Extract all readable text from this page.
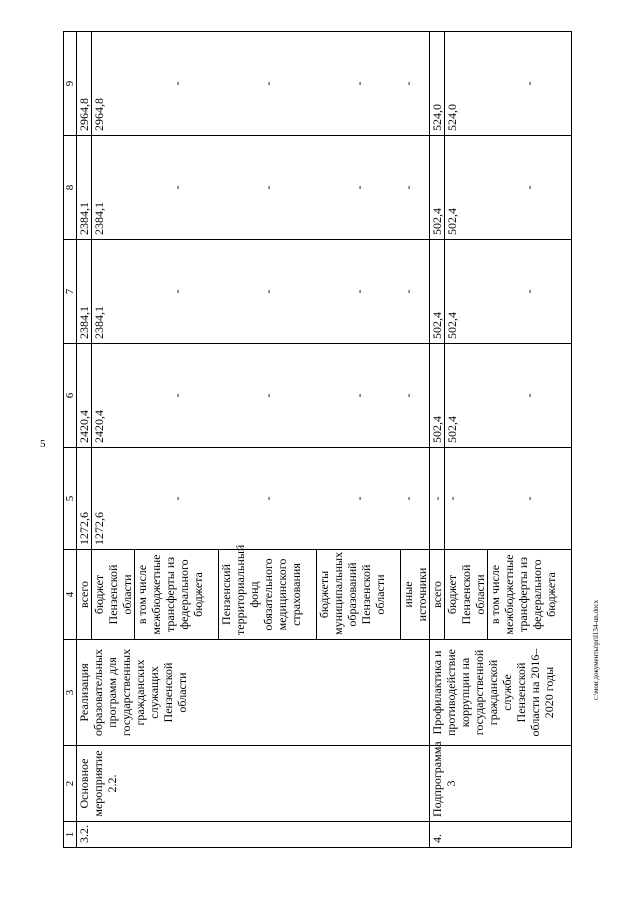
5
1	2	3	4	5	6	7	8	9
3.2.	Основное мероприятие 2.2.	Реализация образовательных программ для государственных гражданских служащих Пензенской области	всего	1272,6	2420,4	2384,1	2384,1	2964,8
			бюджет Пензенской области	1272,6	2420,4	2384,1	2384,1	2964,8
			в том числе межбюджетные трансферты из федерального бюджета	-	-	-	-	-
			Пензенский территориальный фонд обязательного медицинского страхования	-	-	-	-	-
			бюджеты муниципальных образований Пензенской области	-	-	-	-	-
			иные источники	-	-	-	-	-
4.	Подпрограмма 3	Профилактика и противодействие коррупции на государственной гражданской службе Пензенской области на 2016–2020 годы	всего	-	502,4	502,4	502,4	524,0
			бюджет Пензенской области	-	502,4	502,4	502,4	524,0
			в том числе межбюджетные трансферты из федерального бюджета	-	-	-	-	-
c:\мои документы\pril134-un.docx
